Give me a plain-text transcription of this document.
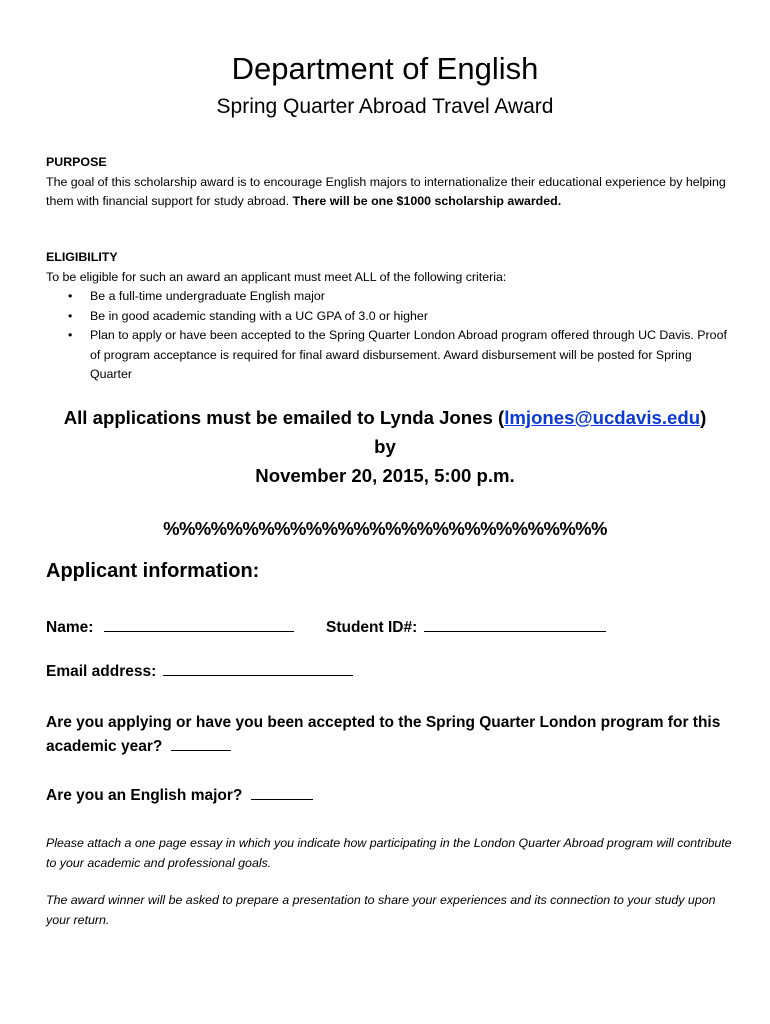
Department of English
Spring Quarter Abroad Travel Award
PURPOSE
The goal of this scholarship award is to encourage English majors to internationalize their educational experience by helping them with financial support for study abroad. There will be one $1000 scholarship awarded.
ELIGIBILITY
To be eligible for such an award an applicant must meet ALL of the following criteria:
• Be a full-time undergraduate English major
• Be in good academic standing with a UC GPA of 3.0 or higher
• Plan to apply or have been accepted to the Spring Quarter London Abroad program offered through UC Davis. Proof of program acceptance is required for final award disbursement. Award disbursement will be posted for Spring Quarter
All applications must be emailed to Lynda Jones (lmjones@ucdavis.edu)
by
November 20, 2015, 5:00 p.m.
%%%%%%%%%%%%%%%%%%%%%%%%%%%%
Applicant information:
Name:	Student ID#:
Email address:
Are you applying or have you been accepted to the Spring Quarter London program for this academic year?
Are you an English major?
Please attach a one page essay in which you indicate how participating in the London Quarter Abroad program will contribute to your academic and professional goals.
The award winner will be asked to prepare a presentation to share your experiences and its connection to your study upon your return.
